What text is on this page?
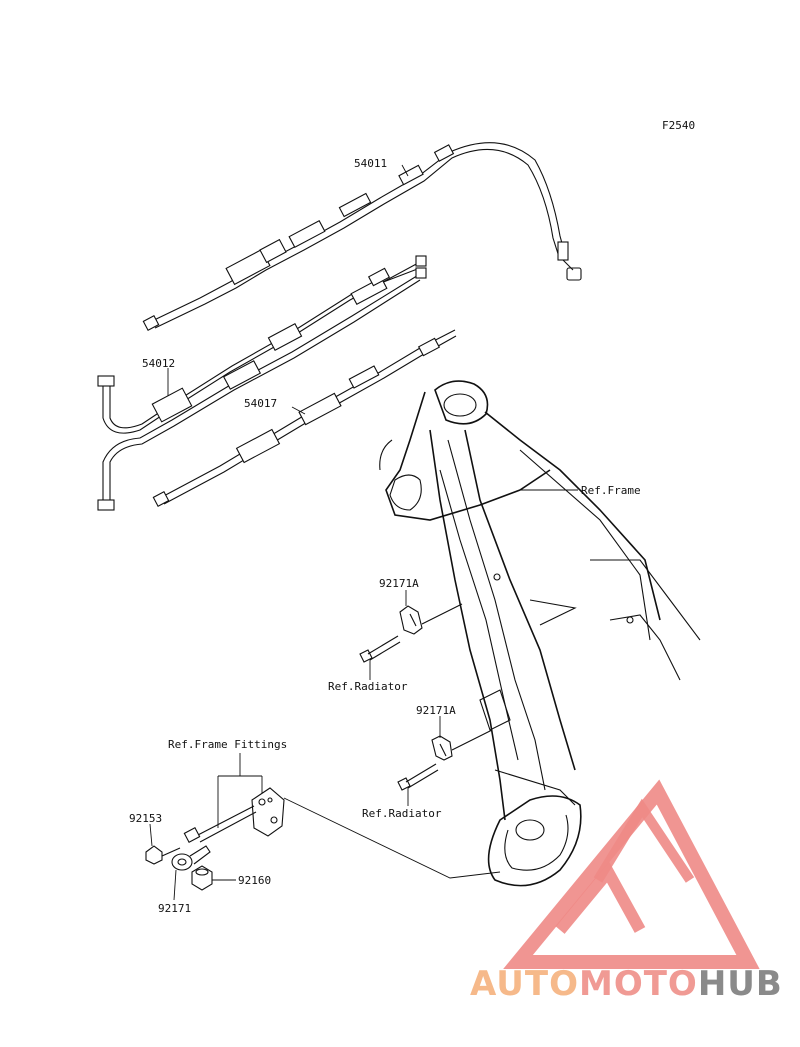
F2540
54011
54012
54017
Ref.Frame
92171A
Ref.Radiator
92171A
Ref.Radiator
Ref.Frame Fittings
92153
92171
92160
AUTOMOTOHUB
